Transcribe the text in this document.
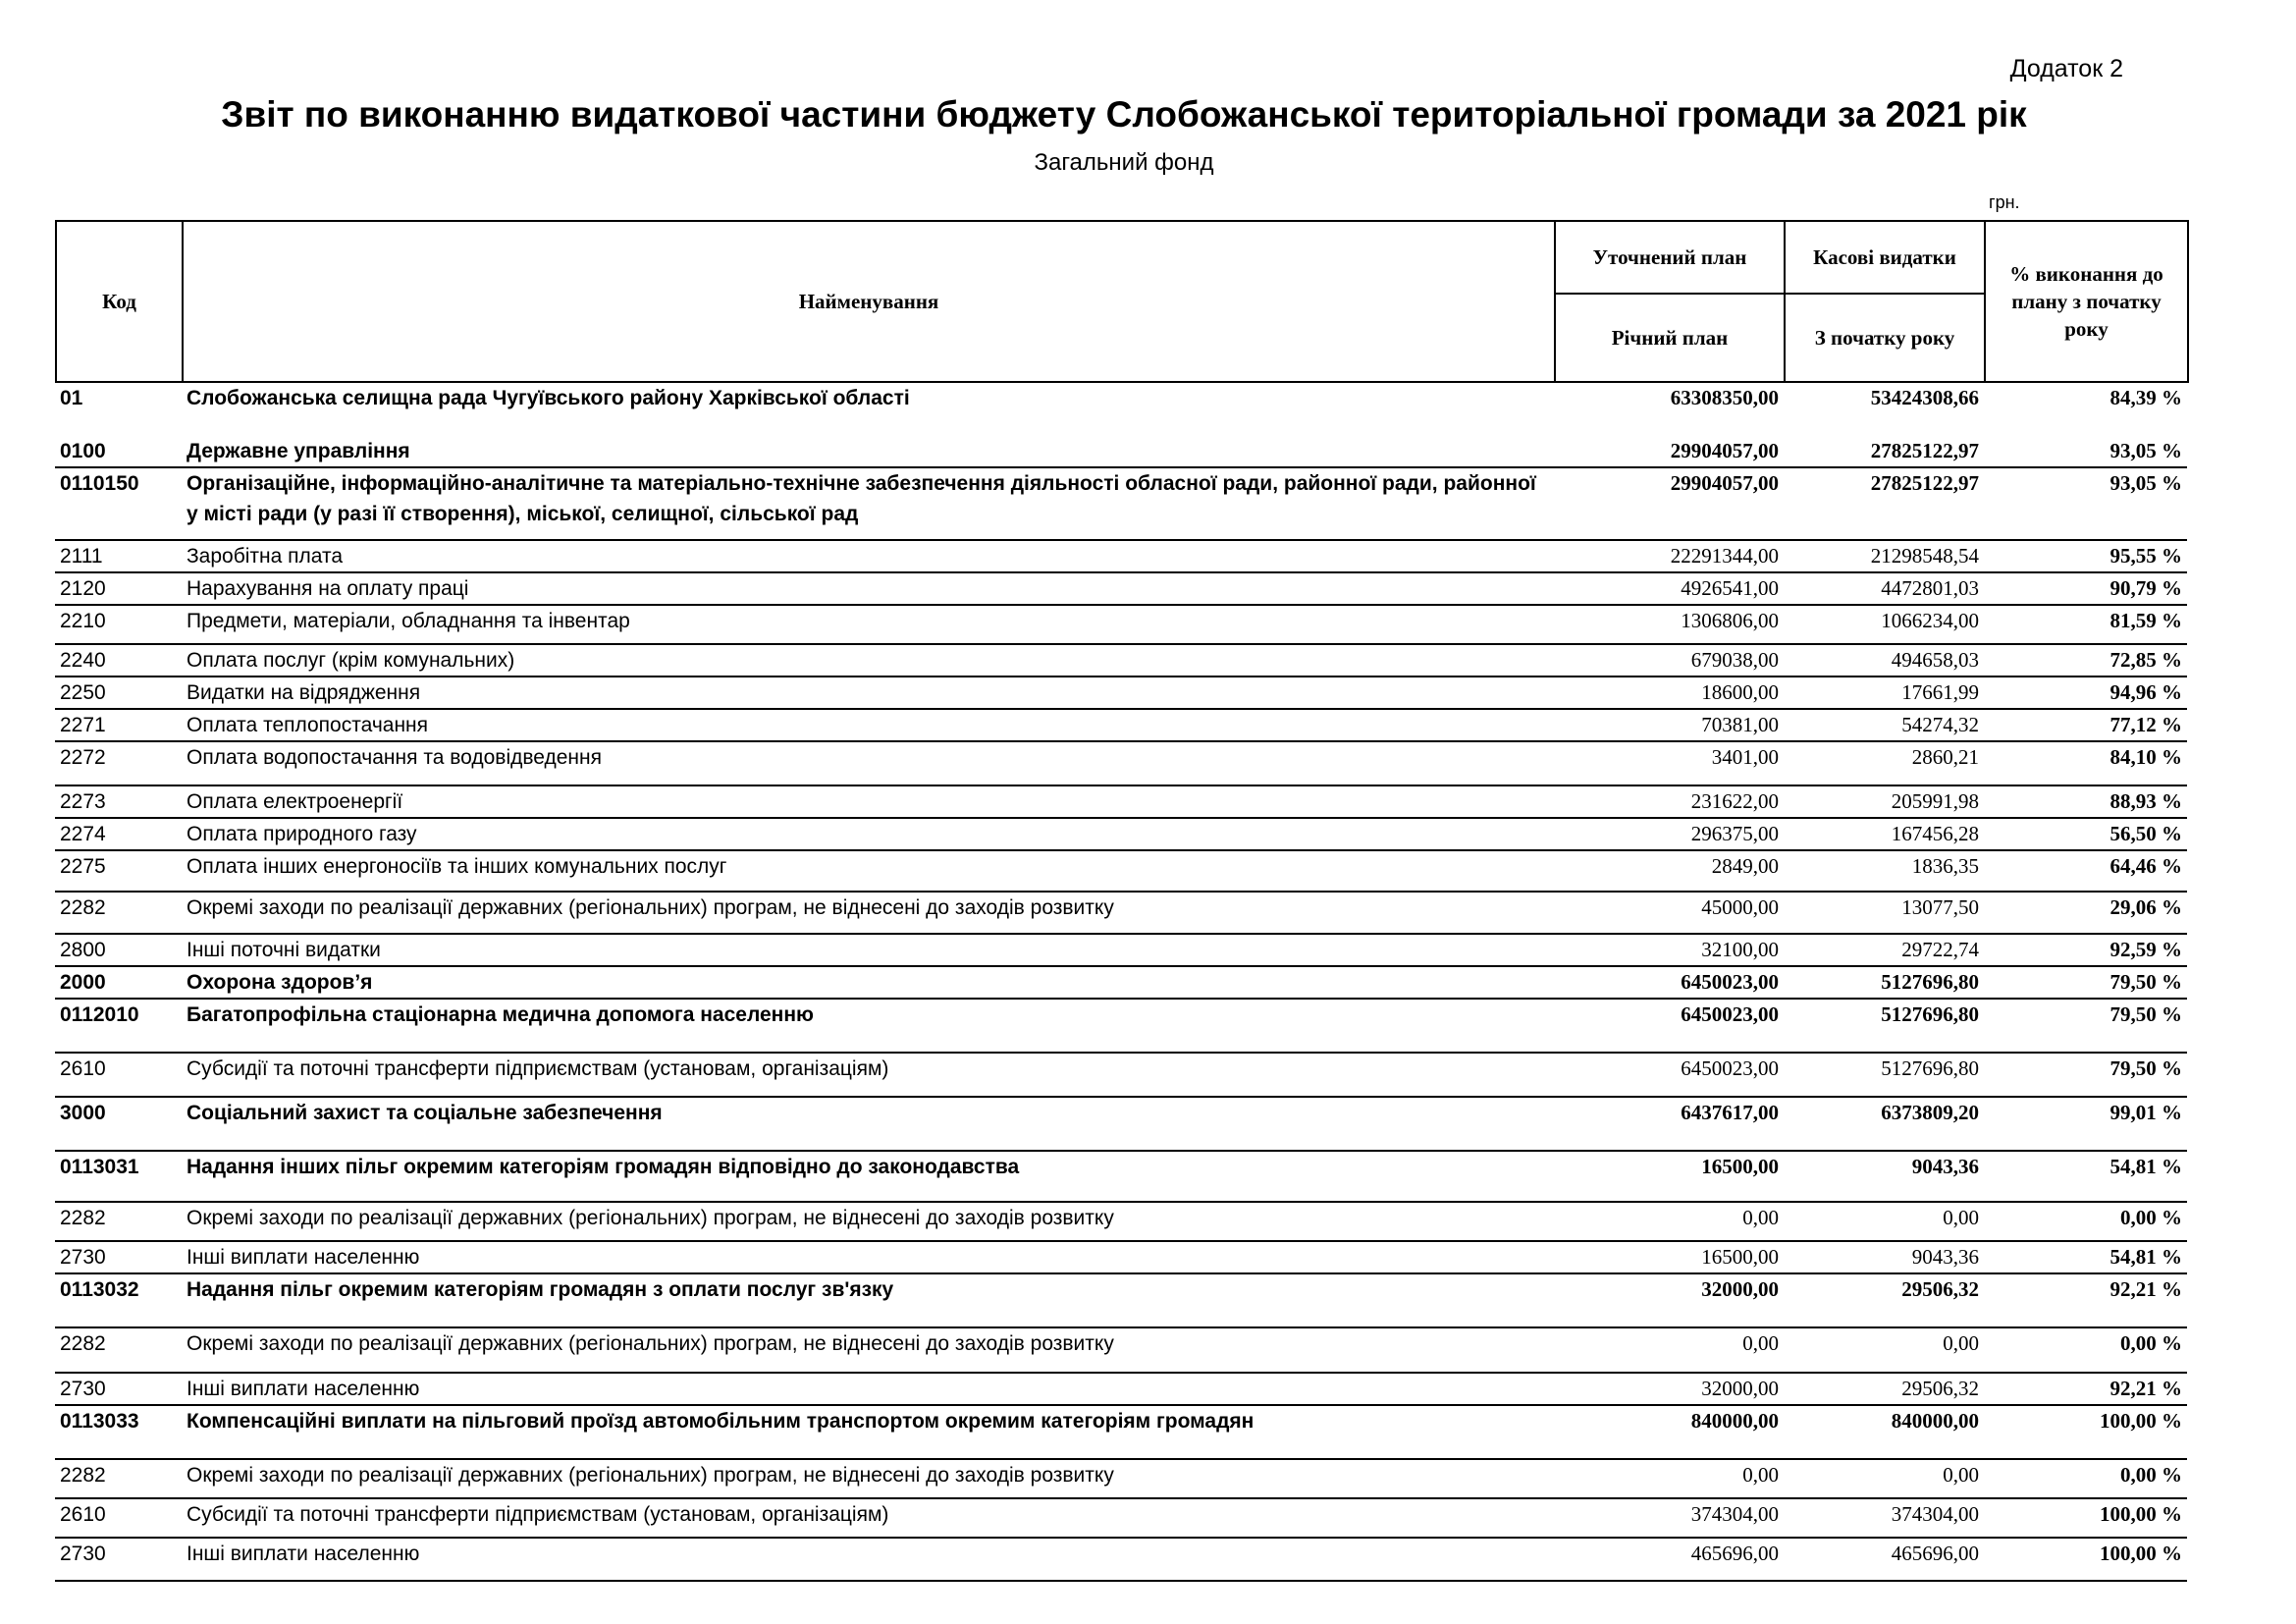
Додаток 2
Звіт по виконанню видаткової частини бюджету Слобожанської територіальної громади за 2021 рік
Загальний фонд
грн.
Код	Найменування	Уточнений план	Касові видатки	% виконання до плану з початку року
		Річний план	З початку року	
01	Слобожанська селищна рада Чугуївського району Харківської області	63308350,00	53424308,66	84,39 %
0100	Державне управління	29904057,00	27825122,97	93,05 %
0110150	Організаційне, інформаційно-аналітичне та матеріально-технічне забезпечення діяльності обласної ради, районної ради, районної у місті ради (у разі її створення), міської, селищної, сільської рад	29904057,00	27825122,97	93,05 %
2111	Заробітна плата	22291344,00	21298548,54	95,55 %
2120	Нарахування на оплату праці	4926541,00	4472801,03	90,79 %
2210	Предмети, матеріали, обладнання та інвентар	1306806,00	1066234,00	81,59 %
2240	Оплата послуг (крім комунальних)	679038,00	494658,03	72,85 %
2250	Видатки на відрядження	18600,00	17661,99	94,96 %
2271	Оплата теплопостачання	70381,00	54274,32	77,12 %
2272	Оплата водопостачання та водовідведення	3401,00	2860,21	84,10 %
2273	Оплата електроенергії	231622,00	205991,98	88,93 %
2274	Оплата природного газу	296375,00	167456,28	56,50 %
2275	Оплата інших енергоносіїв та інших комунальних послуг	2849,00	1836,35	64,46 %
2282	Окремі заходи по реалізації державних (регіональних) програм, не віднесені до заходів розвитку	45000,00	13077,50	29,06 %
2800	Інші поточні видатки	32100,00	29722,74	92,59 %
2000	Охорона здоров’я	6450023,00	5127696,80	79,50 %
0112010	Багатопрофільна стаціонарна медична допомога населенню	6450023,00	5127696,80	79,50 %
2610	Субсидії та поточні трансферти підприємствам (установам, організаціям)	6450023,00	5127696,80	79,50 %
3000	Соціальний захист та соціальне забезпечення	6437617,00	6373809,20	99,01 %
0113031	Надання інших пільг окремим категоріям громадян відповідно до законодавства	16500,00	9043,36	54,81 %
2282	Окремі заходи по реалізації державних (регіональних) програм, не віднесені до заходів розвитку	0,00	0,00	0,00 %
2730	Інші виплати населенню	16500,00	9043,36	54,81 %
0113032	Надання пільг окремим категоріям громадян з оплати послуг зв'язку	32000,00	29506,32	92,21 %
2282	Окремі заходи по реалізації державних (регіональних) програм, не віднесені до заходів розвитку	0,00	0,00	0,00 %
2730	Інші виплати населенню	32000,00	29506,32	92,21 %
0113033	Компенсаційні виплати на пільговий проїзд автомобільним транспортом окремим категоріям громадян	840000,00	840000,00	100,00 %
2282	Окремі заходи по реалізації державних (регіональних) програм, не віднесені до заходів розвитку	0,00	0,00	0,00 %
2610	Субсидії та поточні трансферти підприємствам (установам, організаціям)	374304,00	374304,00	100,00 %
2730	Інші виплати населенню	465696,00	465696,00	100,00 %
